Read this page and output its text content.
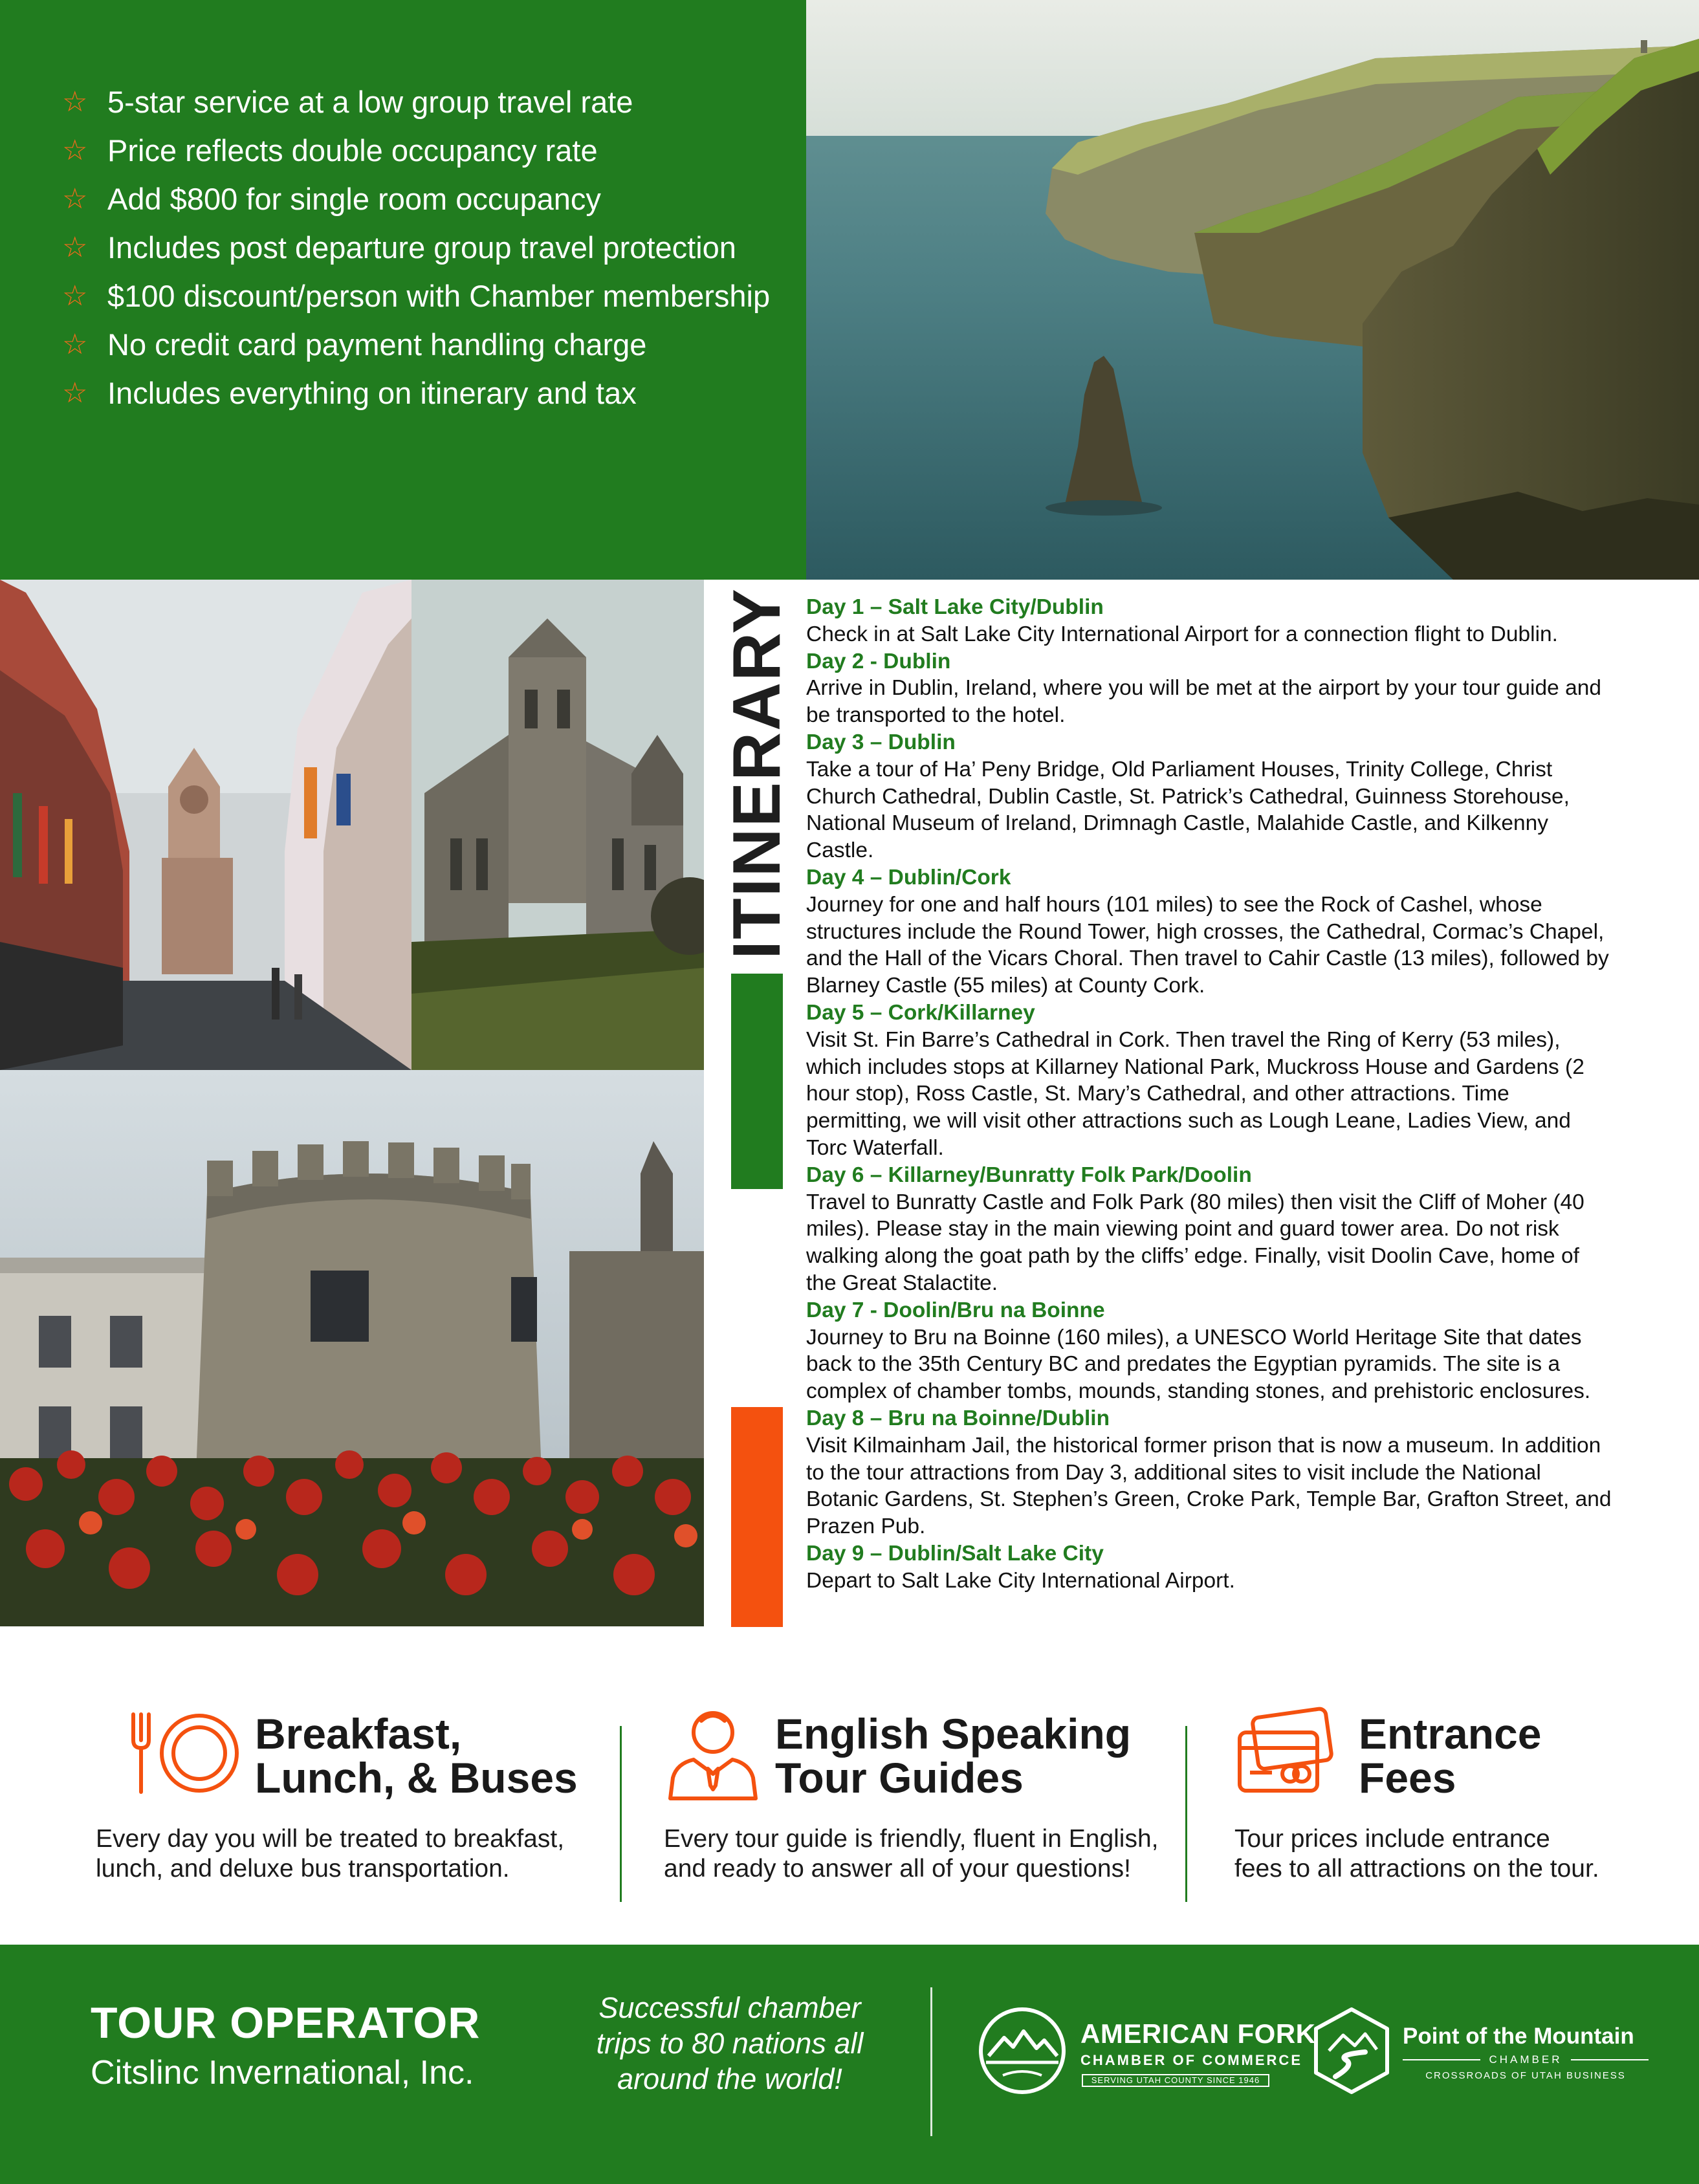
☆ 5-star service at a low group travel rate
☆ Price reflects double occupancy rate
☆ Add $800 for single room occupancy
☆ Includes post departure group travel protection
☆ $100 discount/person with Chamber membership
☆ No credit card payment handling charge
☆ Includes everything on itinerary and tax
ITINERARY Day 1 – Salt Lake City/Dublin
Check in at Salt Lake City International Airport for a connection flight to Dublin.
Day 2 - Dublin
Arrive in Dublin, Ireland, where you will be met at the airport by your tour guide and be transported to the hotel.
Day 3 – Dublin
Take a tour of Ha’ Peny Bridge, Old Parliament Houses, Trinity College, Christ Church Cathedral, Dublin Castle, St. Patrick’s Cathedral, Guinness Storehouse, National Museum of Ireland, Drimnagh Castle, Malahide Castle, and Kilkenny Castle.
Day 4 – Dublin/Cork
Journey for one and half hours (101 miles) to see the Rock of Cashel, whose structures include the Round Tower, high crosses, the Cathedral, Cormac’s Chapel, and the Hall of the Vicars Choral. Then travel to Cahir Castle (13 miles), followed by Blarney Castle (55 miles) at County Cork.
Day 5 – Cork/Killarney
Visit St. Fin Barre’s Cathedral in Cork. Then travel the Ring of Kerry (53 miles), which includes stops at Killarney National Park, Muckross House and Gardens (2 hour stop), Ross Castle, St. Mary’s Cathedral, and other attractions. Time permitting, we will visit other attractions such as Lough Leane, Ladies View, and Torc Waterfall.
Day 6 – Killarney/Bunratty Folk Park/Doolin
Travel to Bunratty Castle and Folk Park (80 miles) then visit the Cliff of Moher (40 miles). Please stay in the main viewing point and guard tower area. Do not risk walking along the goat path by the cliffs’ edge. Finally, visit Doolin Cave, home of the Great Stalactite.
Day 7 - Doolin/Bru na Boinne
Journey to Bru na Boinne (160 miles), a UNESCO World Heritage Site that dates back to the 35th Century BC and predates the Egyptian pyramids. The site is a complex of chamber tombs, mounds, standing stones, and prehistoric enclosures.
Day 8 – Bru na Boinne/Dublin
Visit Kilmainham Jail, the historical former prison that is now a museum. In addition to the tour attractions from Day 3, additional sites to visit include the National Botanic Gardens, St. Stephen’s Green, Croke Park, Temple Bar, Grafton Street, and Prazen Pub.
Day 9 – Dublin/Salt Lake City
Depart to Salt Lake City International Airport.
Breakfast,
Lunch, & Buses
Every day you will be treated to breakfast,
lunch, and deluxe bus transportation.
English Speaking
Tour Guides
Every tour guide is friendly, fluent in English,
and ready to answer all of your questions!
Entrance
Fees
Tour prices include entrance
fees to all attractions on the tour.
TOUR OPERATOR
Citslinc Invernational, Inc.
Successful chamber
trips to 80 nations all
around the world!
AMERICAN FORK
CHAMBER OF COMMERCE
SERVING UTAH COUNTY SINCE 1946
Point of the Mountain
CHAMBER
CROSSROADS OF UTAH BUSINESS
